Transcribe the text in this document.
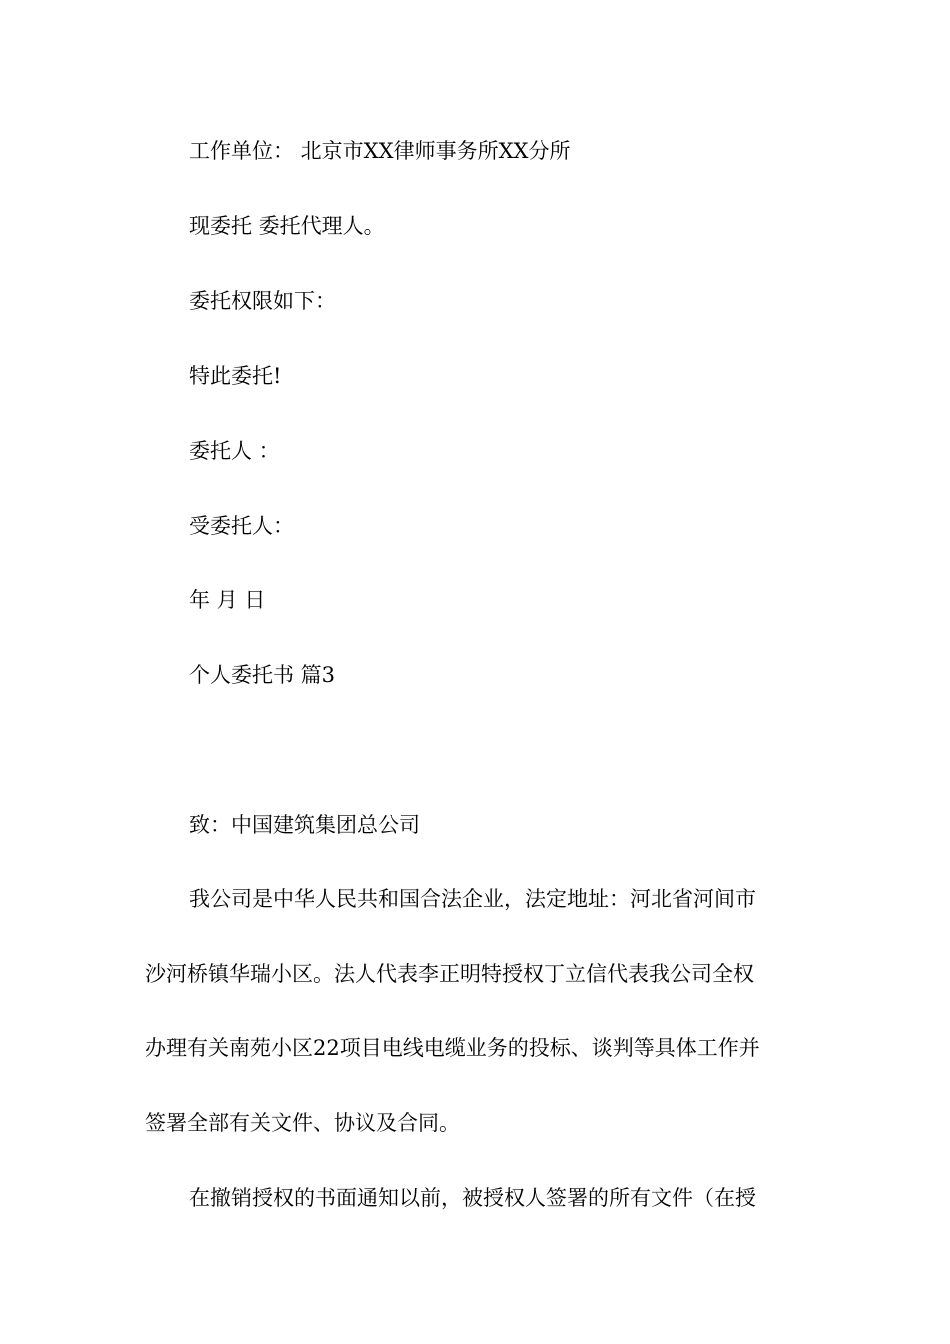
工作单位： 北京市XX律师事务所XX分所
现委托 委托代理人。
委托权限如下：
特此委托!
委托人 ：
受委托人：
年 月 日
个人委托书 篇3
致：中国建筑集团总公司
我公司是中华人民共和国合法企业，法定地址：河北省河间市
沙河桥镇华瑞小区。法人代表李正明特授权丁立信代表我公司全权
办理有关南苑小区22项目电线电缆业务的投标、谈判等具体工作并
签署全部有关文件、协议及合同。
在撤销授权的书面通知以前，被授权人签署的所有文件（在授
